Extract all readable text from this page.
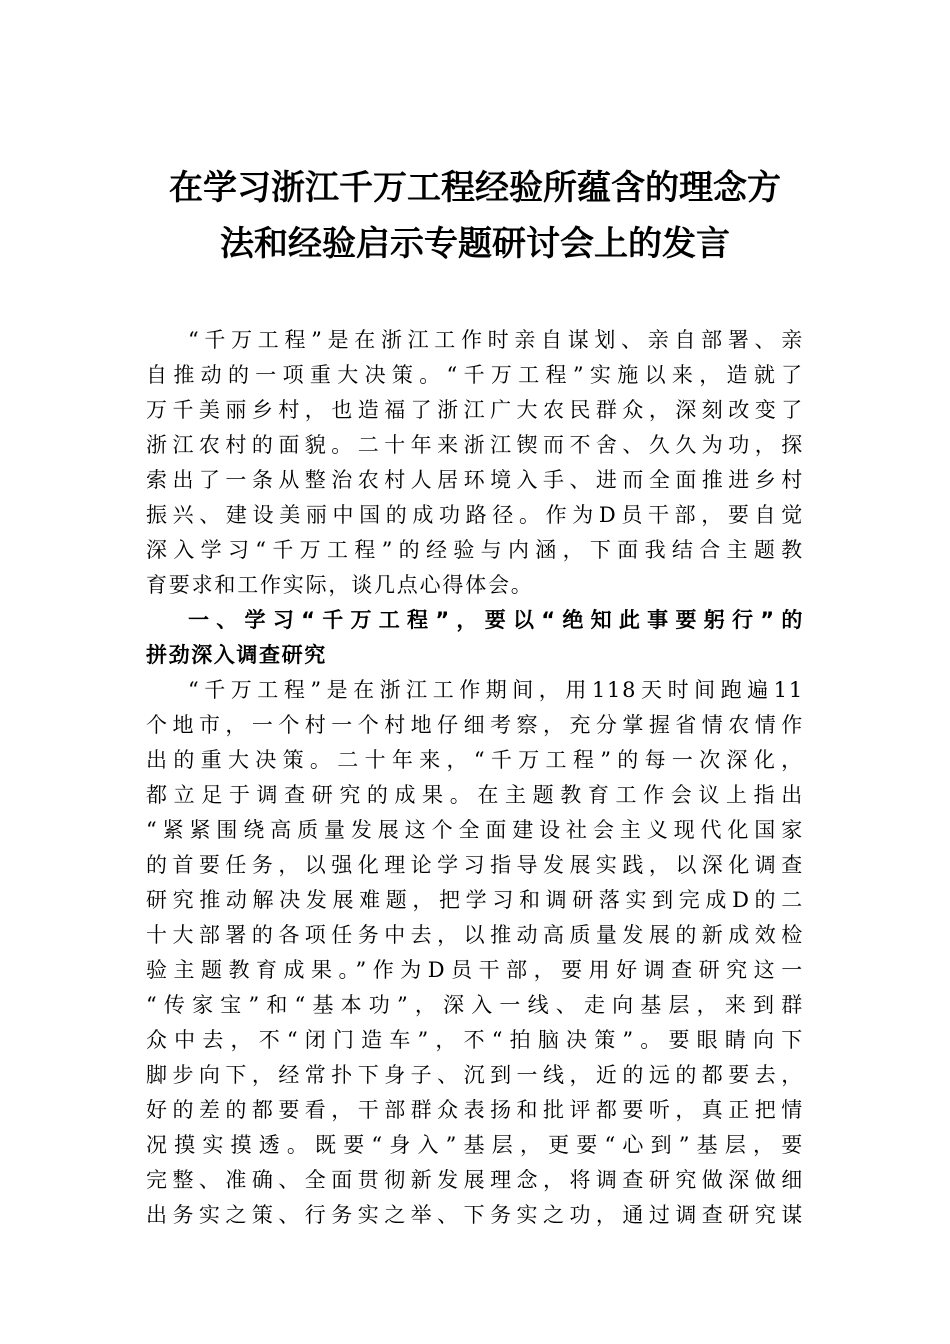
在学习浙江千万工程经验所蕴含的理念方
法和经验启示专题研讨会上的发言
“千万工程”是在浙江工作时亲自谋划、亲自部署、亲
自推动的一项重大决策。“千万工程”实施以来，造就了
万千美丽乡村，也造福了浙江广大农民群众，深刻改变了
浙江农村的面貌。二十年来浙江锲而不舍、久久为功，探
索出了一条从整治农村人居环境入手、进而全面推进乡村
振兴、建设美丽中国的成功路径。作为D员干部，要自觉
深入学习“千万工程”的经验与内涵，下面我结合主题教
育要求和工作实际，谈几点心得体会。
一、学习“千万工程”，要以“绝知此事要躬行”的
拼劲深入调查研究
“千万工程”是在浙江工作期间，用118天时间跑遍11
个地市，一个村一个村地仔细考察，充分掌握省情农情作
出的重大决策。二十年来，“千万工程”的每一次深化，
都立足于调查研究的成果。在主题教育工作会议上指出
“紧紧围绕高质量发展这个全面建设社会主义现代化国家
的首要任务，以强化理论学习指导发展实践，以深化调查
研究推动解决发展难题，把学习和调研落实到完成D的二
十大部署的各项任务中去，以推动高质量发展的新成效检
验主题教育成果。”作为D员干部，要用好调查研究这一
“传家宝”和“基本功”，深入一线、走向基层，来到群
众中去，不“闭门造车”，不“拍脑决策”。要眼睛向下
脚步向下，经常扑下身子、沉到一线，近的远的都要去，
好的差的都要看，干部群众表扬和批评都要听，真正把情
况摸实摸透。既要“身入”基层，更要“心到”基层，要
完整、准确、全面贯彻新发展理念，将调查研究做深做细
出务实之策、行务实之举、下务实之功，通过调查研究谋
